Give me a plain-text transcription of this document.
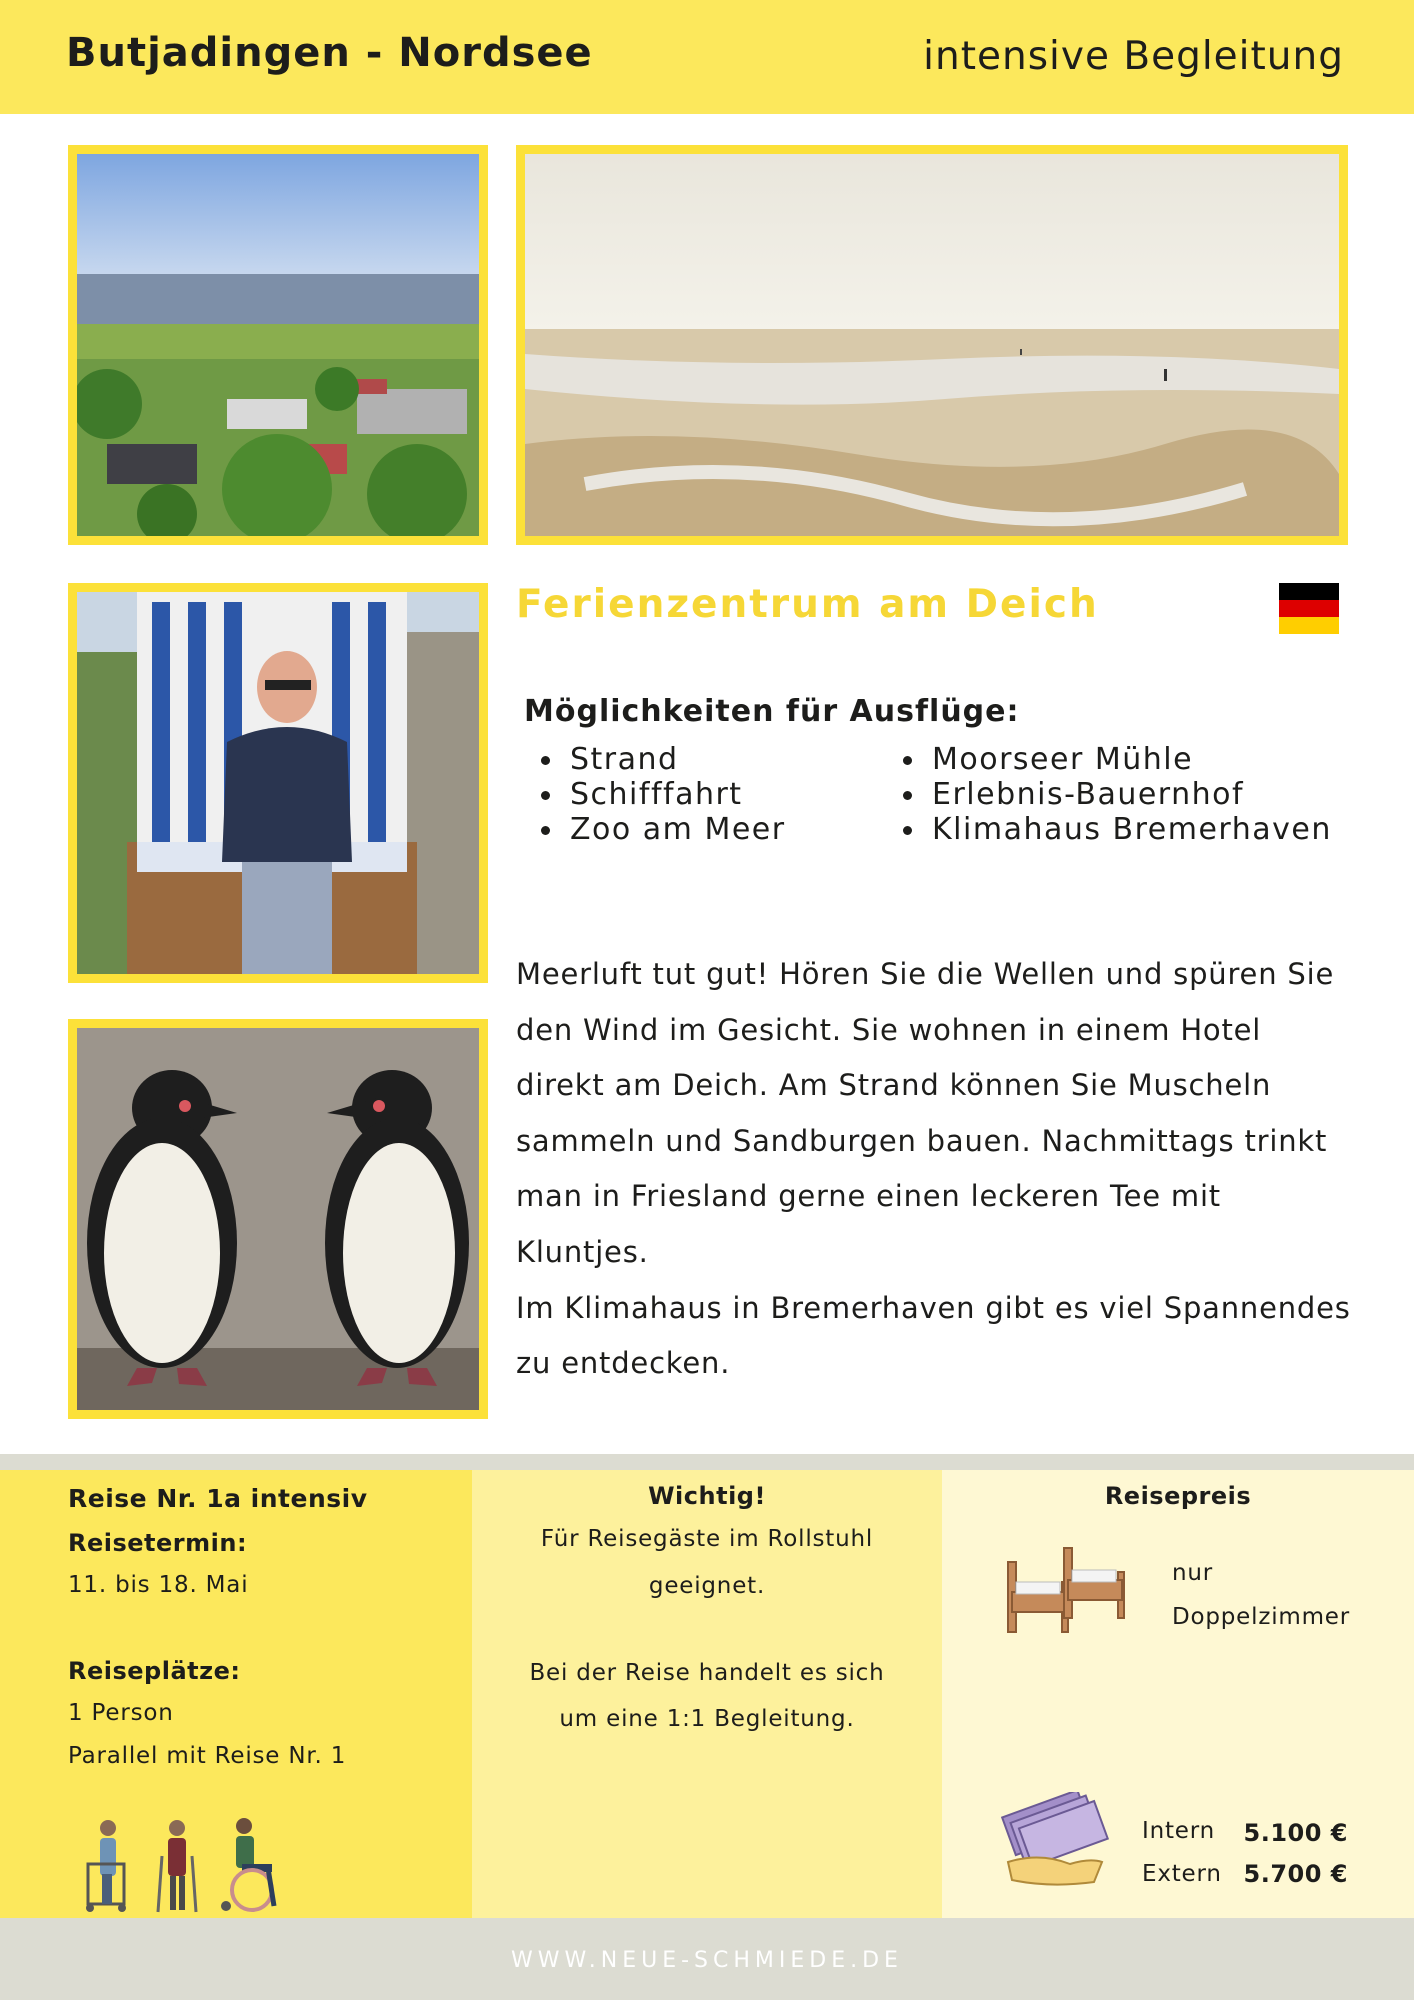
Butjadingen - Nordsee	intensive Begleitung
Ferienzentrum am Deich
Möglichkeiten für Ausflüge:
Strand
Schifffahrt
Zoo am Meer
Moorseer Mühle
Erlebnis-Bauernhof
Klimahaus Bremerhaven

Meerluft tut gut! Hören Sie die Wellen und spüren Sie den Wind im Gesicht. Sie wohnen in einem Hotel direkt am Deich. Am Strand können Sie Muscheln sammeln und Sandburgen bauen. Nachmittags trinkt man in Friesland gerne einen leckeren Tee mit Kluntjes.

Im Klimahaus in Bremerhaven gibt es viel Spannendes zu entdecken.

Reise Nr. 1a intensiv
Reisetermin:
11. bis 18. Mai
Reiseplätze:
1 Person
Parallel mit Reise Nr. 1
Wichtig!
Für Reisegäste im Rollstuhl
geeignet.
Bei der Reise handelt es sich
um eine 1:1 Begleitung.
Reisepreis
nur
Doppelzimmer
Intern 5.100 €
Extern 5.700 €
WWW.NEUE-SCHMIEDE.DE
